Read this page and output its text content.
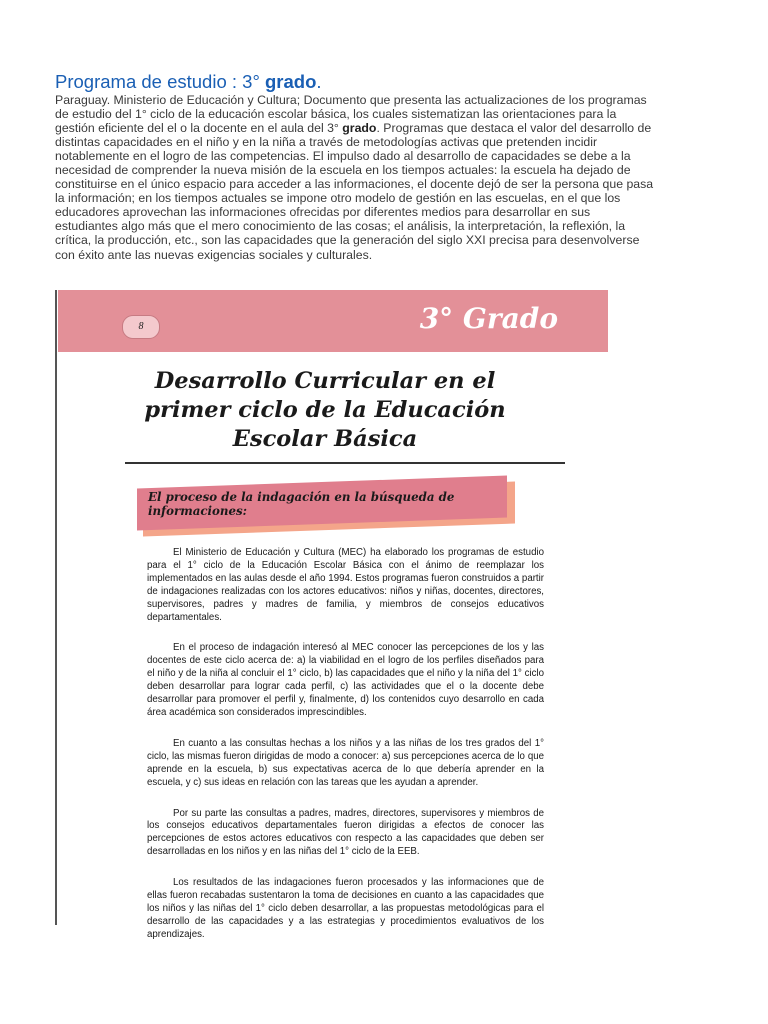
Programa de estudio : 3° grado.

Paraguay. Ministerio de Educación y Cultura; Documento que presenta las actualizaciones de los programas de estudio del 1° ciclo de la educación escolar básica, los cuales sistematizan las orientaciones para la gestión eficiente del el o la docente en el aula del 3° grado. Programas que destaca el valor del desarrollo de distintas capacidades en el niño y en la niña a través de metodologías activas que pretenden incidir notablemente en el logro de las competencias. El impulso dado al desarrollo de capacidades se debe a la necesidad de comprender la nueva misión de la escuela en los tiempos actuales: la escuela ha dejado de constituirse en el único espacio para acceder a las informaciones, el docente dejó de ser la persona que pasa la información; en los tiempos actuales se impone otro modelo de gestión en las escuelas, en el que los educadores aprovechan las informaciones ofrecidas por diferentes medios para desarrollar en sus estudiantes algo más que el mero conocimiento de las cosas; el análisis, la interpretación, la reflexión, la crítica, la producción, etc., son las capacidades que la generación del siglo XXI precisa para desenvolverse con éxito ante las nuevas exigencias sociales y culturales.

8	3° Grado
Desarrollo Curricular en el primer ciclo de la Educación Escolar Básica
El proceso de la indagación en la búsqueda de informaciones:

El Ministerio de Educación y Cultura (MEC) ha elaborado los programas de estudio para el 1° ciclo de la Educación Escolar Básica con el ánimo de reemplazar los implementados en las aulas desde el año 1994. Estos programas fueron construidos a partir de indagaciones realizadas con los actores educativos: niños y niñas, docentes, directores, supervisores, padres y madres de familia, y miembros de consejos educativos departamentales.

En el proceso de indagación interesó al MEC conocer las percepciones de los y las docentes de este ciclo acerca de: a) la viabilidad en el logro de los perfiles diseñados para el niño y de la niña al concluir el 1° ciclo, b) las capacidades que el niño y la niña del 1° ciclo deben desarrollar para lograr cada perfil, c) las actividades que el o la docente debe desarrollar para promover el perfil y, finalmente, d) los contenidos cuyo desarrollo en cada área académica son considerados imprescindibles.

En cuanto a las consultas hechas a los niños y a las niñas de los tres grados del 1° ciclo, las mismas fueron dirigidas de modo a conocer: a) sus percepciones acerca de lo que aprende en la escuela, b) sus expectativas acerca de lo que debería aprender en la escuela, y c) sus ideas en relación con las tareas que les ayudan a aprender.

Por su parte las consultas a padres, madres, directores, supervisores y miembros de los consejos educativos departamentales fueron dirigidas a efectos de conocer las percepciones de estos actores educativos con respecto a las capacidades que deben ser desarrolladas en los niños y en las niñas del 1° ciclo de la EEB.

Los resultados de las indagaciones fueron procesados y las informaciones que de ellas fueron recabadas sustentaron la toma de decisiones en cuanto a las capacidades que los niños y las niñas del 1° ciclo deben desarrollar, a las propuestas metodológicas para el desarrollo de las capacidades y a las estrategias y procedimientos evaluativos de los aprendizajes.
